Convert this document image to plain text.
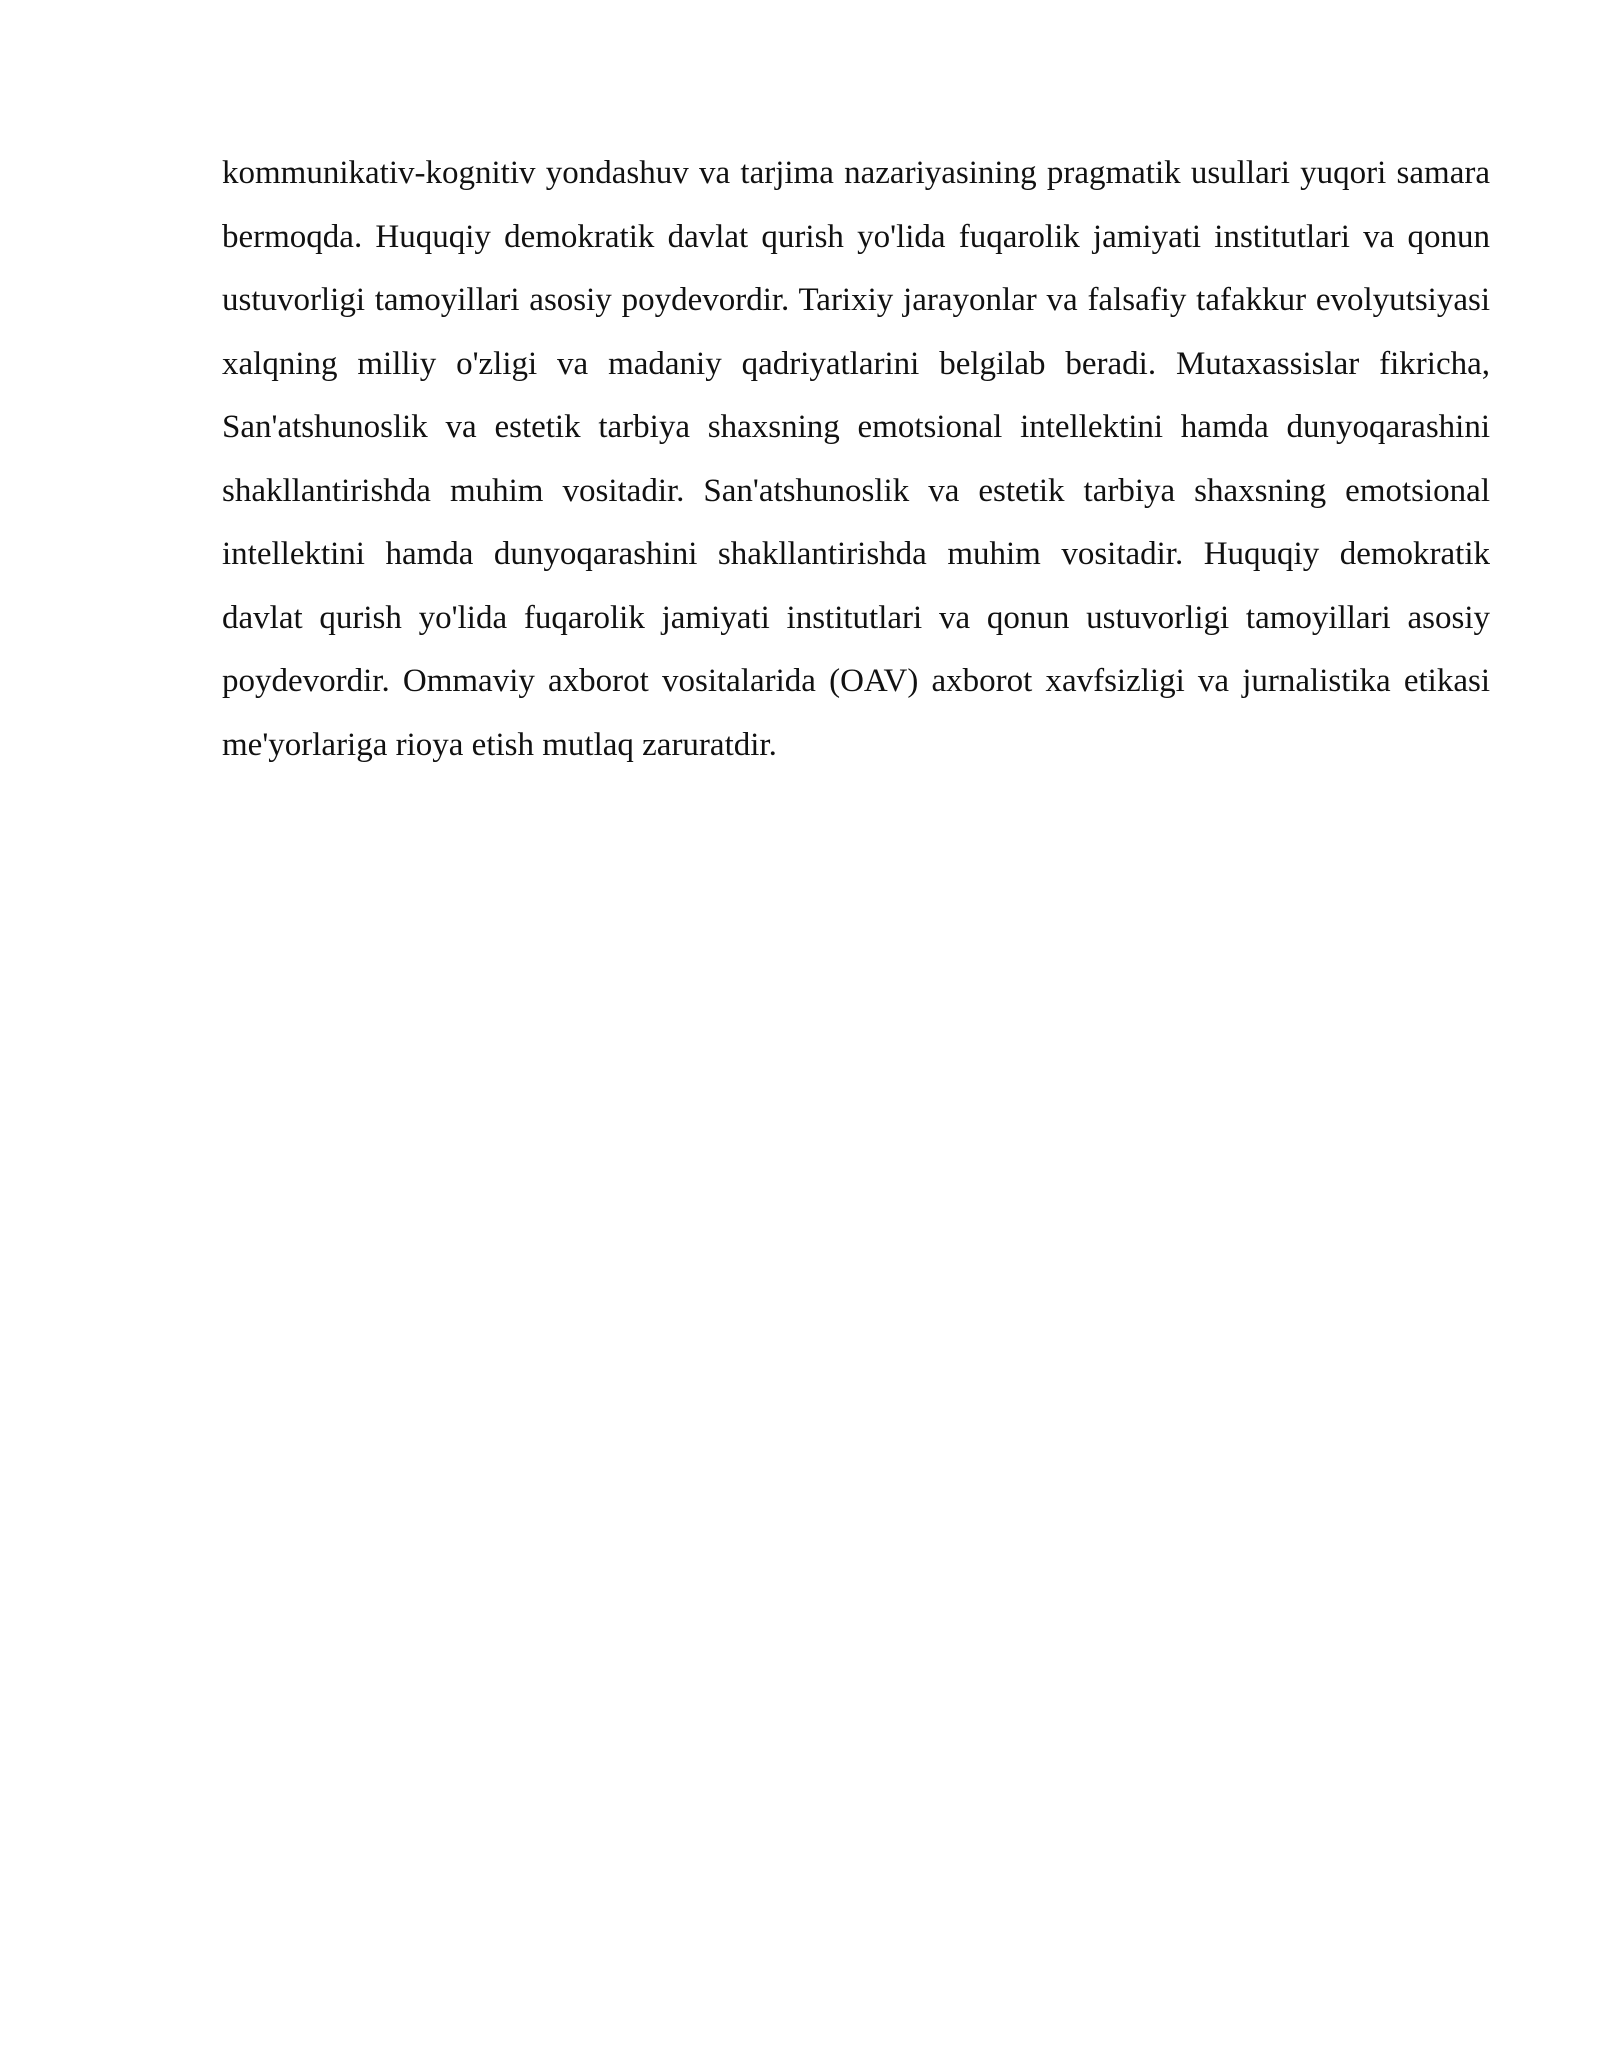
kommunikativ-kognitiv yondashuv va tarjima nazariyasining pragmatik usullari yuqori samara bermoqda. Huquqiy demokratik davlat qurish yo'lida fuqarolik jamiyati institutlari va qonun ustuvorligi tamoyillari asosiy poydevordir. Tarixiy jarayonlar va falsafiy tafakkur evolyutsiyasi xalqning milliy o'zligi va madaniy qadriyatlarini belgilab beradi. Mutaxassislar fikricha, San'atshunoslik va estetik tarbiya shaxsning emotsional intellektini hamda dunyoqarashini shakllantirishda muhim vositadir. San'atshunoslik va estetik tarbiya shaxsning emotsional intellektini hamda dunyoqarashini shakllantirishda muhim vositadir. Huquqiy demokratik davlat qurish yo'lida fuqarolik jamiyati institutlari va qonun ustuvorligi tamoyillari asosiy poydevordir. Ommaviy axborot vositalarida (OAV) axborot xavfsizligi va jurnalistika etikasi me'yorlariga rioya etish mutlaq zaruratdir.
